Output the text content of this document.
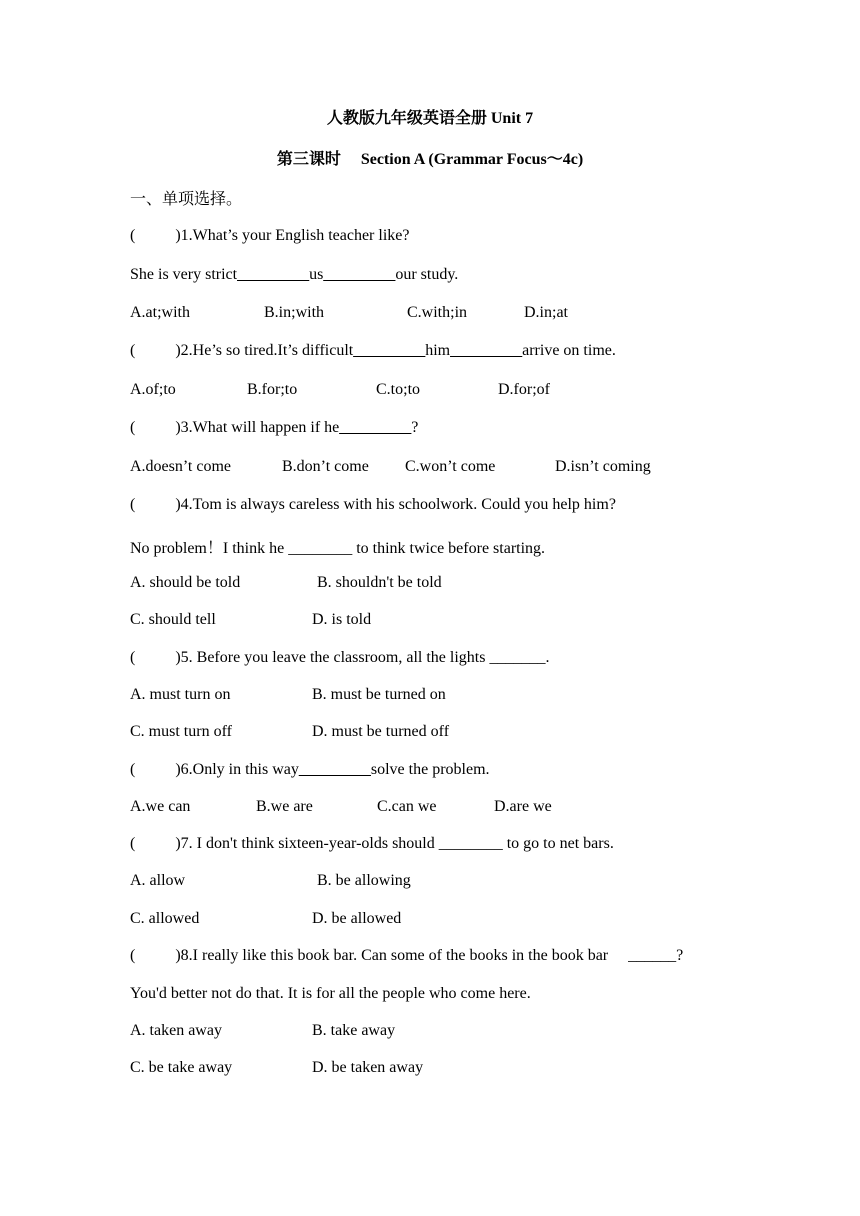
人教版九年级英语全册 Unit 7
第三课时     Section A (Grammar Focus～4c)
一、单项选择。
(          )1.What’s your English teacher like?
She is very strict_________us_________our study.
A.at;with	B.in;with	C.with;in	D.in;at
(          )2.He’s so tired.It’s difficult_________him_________arrive on time.
A.of;to	B.for;to	C.to;to	D.for;of
(          )3.What will happen if he_________?
A.doesn’t come	B.don’t come C.won’t come	D.isn’t coming
(          )4.Tom is always careless with his schoolwork. Could you help him?
No problem！I think he ________ to think twice before starting.
A. should be told	B. shouldn't be told
C. should tell	D. is told
(          )5. Before you leave the classroom, all the lights _______.
A. must turn on	B. must be turned on
C. must turn off	D. must be turned off
(          )6.Only in this way_________solve the problem.
A.we can	B.we are	C.can we	D.are we
(          )7. I don't think sixteen-year-olds should ________ to go to net bars.
A. allow	B. be allowing
C. allowed	D. be allowed
(          )8.I really like this book bar. Can some of the books in the book bar     ______?
You'd better not do that. It is for all the people who come here.
A. taken away	B. take away
C. be take away	D. be taken away
